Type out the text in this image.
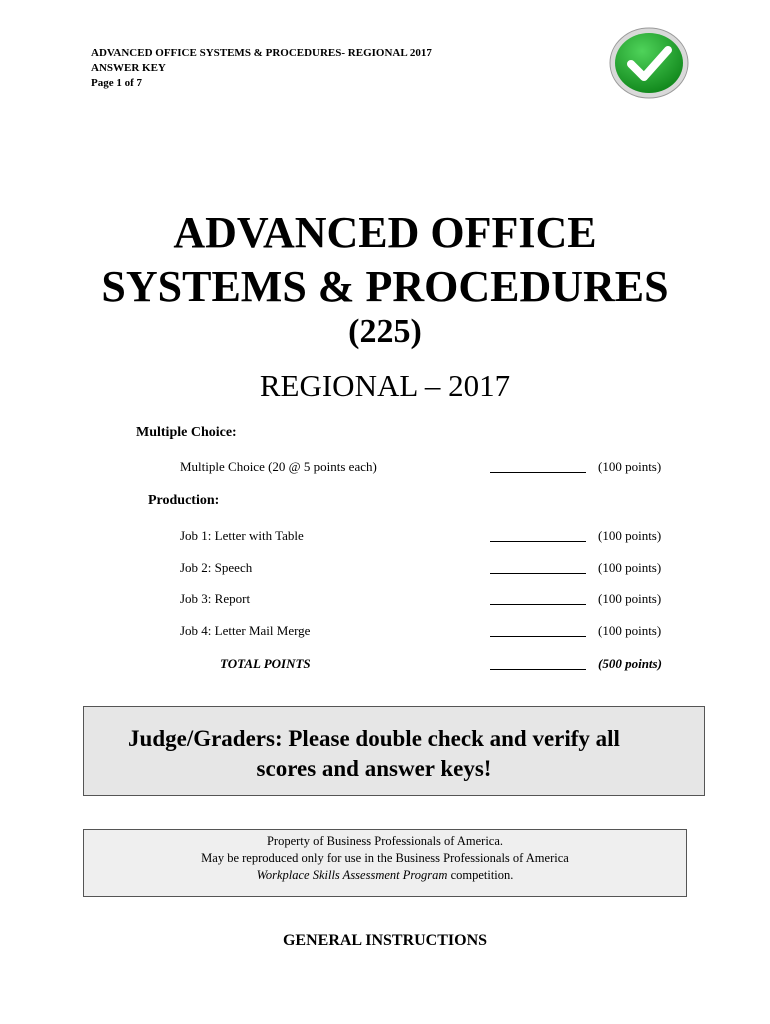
ADVANCED OFFICE SYSTEMS & PROCEDURES- REGIONAL 2017
ANSWER KEY
Page 1 of 7
ADVANCED OFFICE
SYSTEMS & PROCEDURES
(225)
REGIONAL – 2017
Multiple Choice:
Multiple Choice (20 @ 5 points each)	(100 points)
Production:
Job 1: Letter with Table	(100 points)
Job 2: Speech	(100 points)
Job 3: Report	(100 points)
Job 4: Letter Mail Merge	(100 points)
TOTAL POINTS	(500 points)
Judge/Graders: Please double check and verify all
scores and answer keys!
Property of Business Professionals of America.
May be reproduced only for use in the Business Professionals of America
Workplace Skills Assessment Program competition.
GENERAL INSTRUCTIONS
